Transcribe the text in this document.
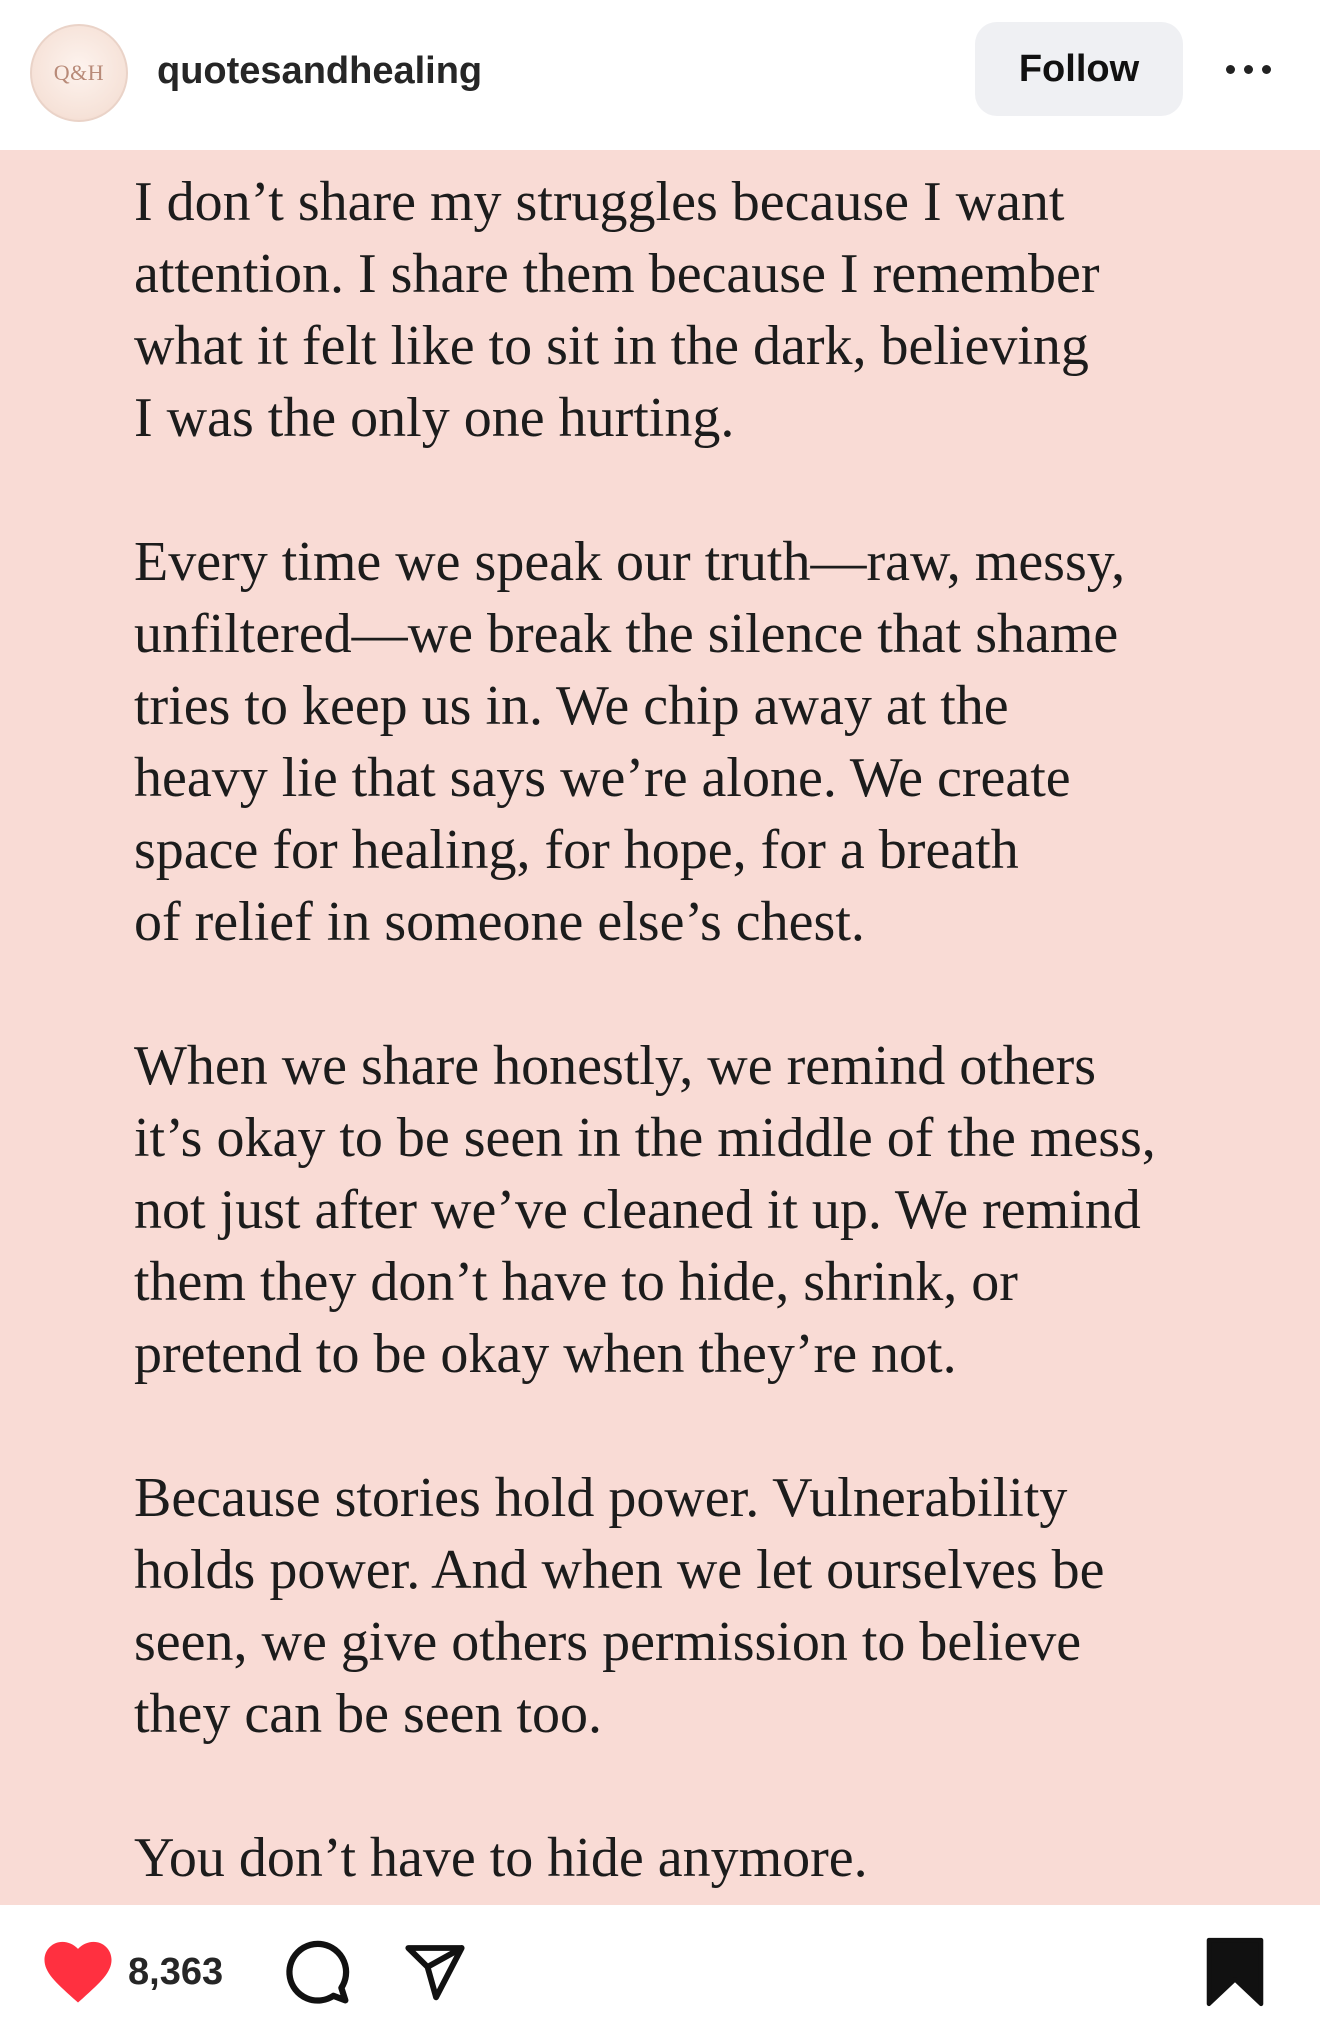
Q&H quotesandhealing	Follow

I don’t share my struggles because I want
attention. I share them because I remember
what it felt like to sit in the dark, believing
I was the only one hurting.

Every time we speak our truth—raw, messy,
unfiltered—we break the silence that shame
tries to keep us in. We chip away at the
heavy lie that says we’re alone. We create
space for healing, for hope, for a breath
of relief in someone else’s chest.

When we share honestly, we remind others
it’s okay to be seen in the middle of the mess,
not just after we’ve cleaned it up. We remind
them they don’t have to hide, shrink, or
pretend to be okay when they’re not.

Because stories hold power. Vulnerability
holds power. And when we let ourselves be
seen, we give others permission to believe
they can be seen too.

You don’t have to hide anymore.

8,363
